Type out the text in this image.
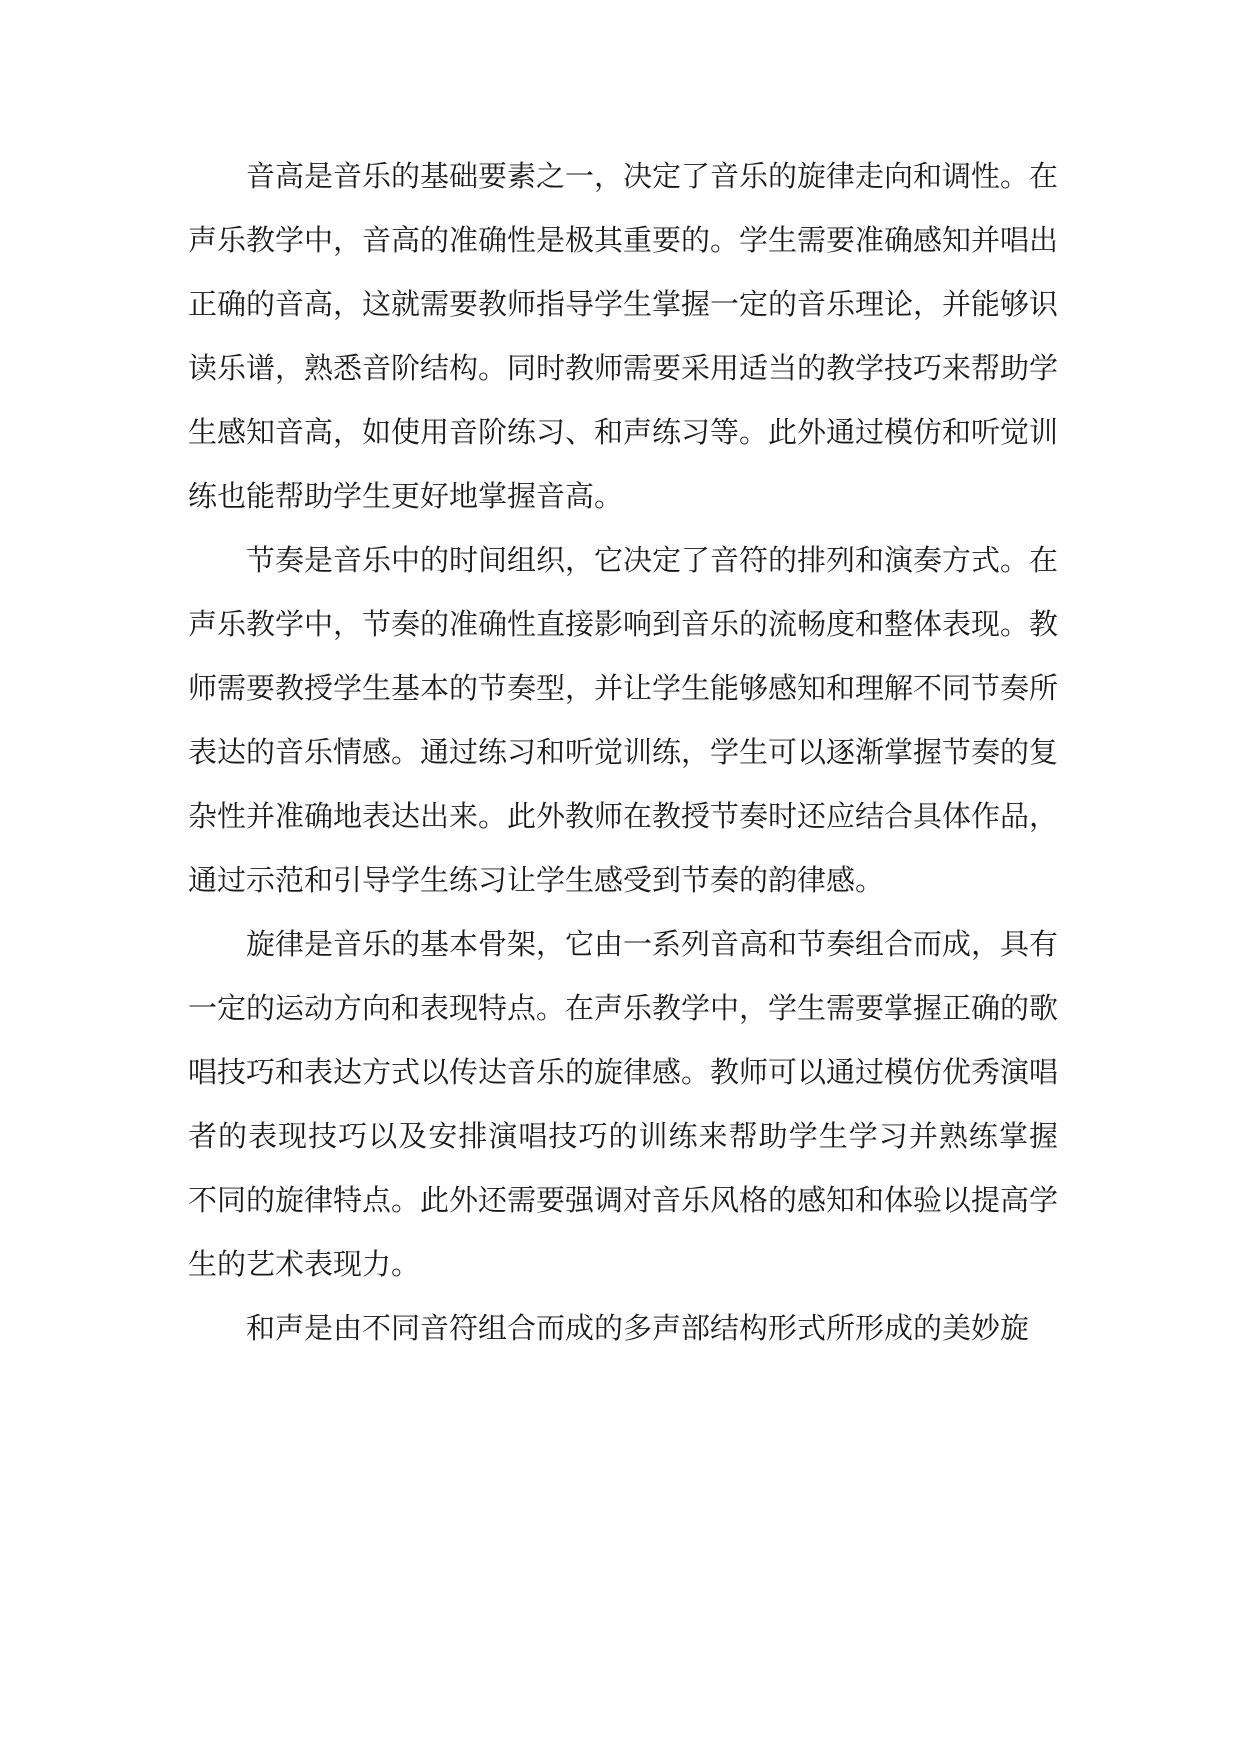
音高是音乐的基础要素之一，决定了音乐的旋律走向和调性。在
声乐教学中，音高的准确性是极其重要的。学生需要准确感知并唱出
正确的音高，这就需要教师指导学生掌握一定的音乐理论，并能够识
读乐谱，熟悉音阶结构。同时教师需要采用适当的教学技巧来帮助学
生感知音高，如使用音阶练习、和声练习等。此外通过模仿和听觉训
练也能帮助学生更好地掌握音高。
节奏是音乐中的时间组织，它决定了音符的排列和演奏方式。在
声乐教学中，节奏的准确性直接影响到音乐的流畅度和整体表现。教
师需要教授学生基本的节奏型，并让学生能够感知和理解不同节奏所
表达的音乐情感。通过练习和听觉训练，学生可以逐渐掌握节奏的复
杂性并准确地表达出来。此外教师在教授节奏时还应结合具体作品，
通过示范和引导学生练习让学生感受到节奏的韵律感。
旋律是音乐的基本骨架，它由一系列音高和节奏组合而成，具有
一定的运动方向和表现特点。在声乐教学中，学生需要掌握正确的歌
唱技巧和表达方式以传达音乐的旋律感。教师可以通过模仿优秀演唱
者的表现技巧以及安排演唱技巧的训练来帮助学生学习并熟练掌握
不同的旋律特点。此外还需要强调对音乐风格的感知和体验以提高学
生的艺术表现力。
和声是由不同音符组合而成的多声部结构形式所形成的美妙旋
